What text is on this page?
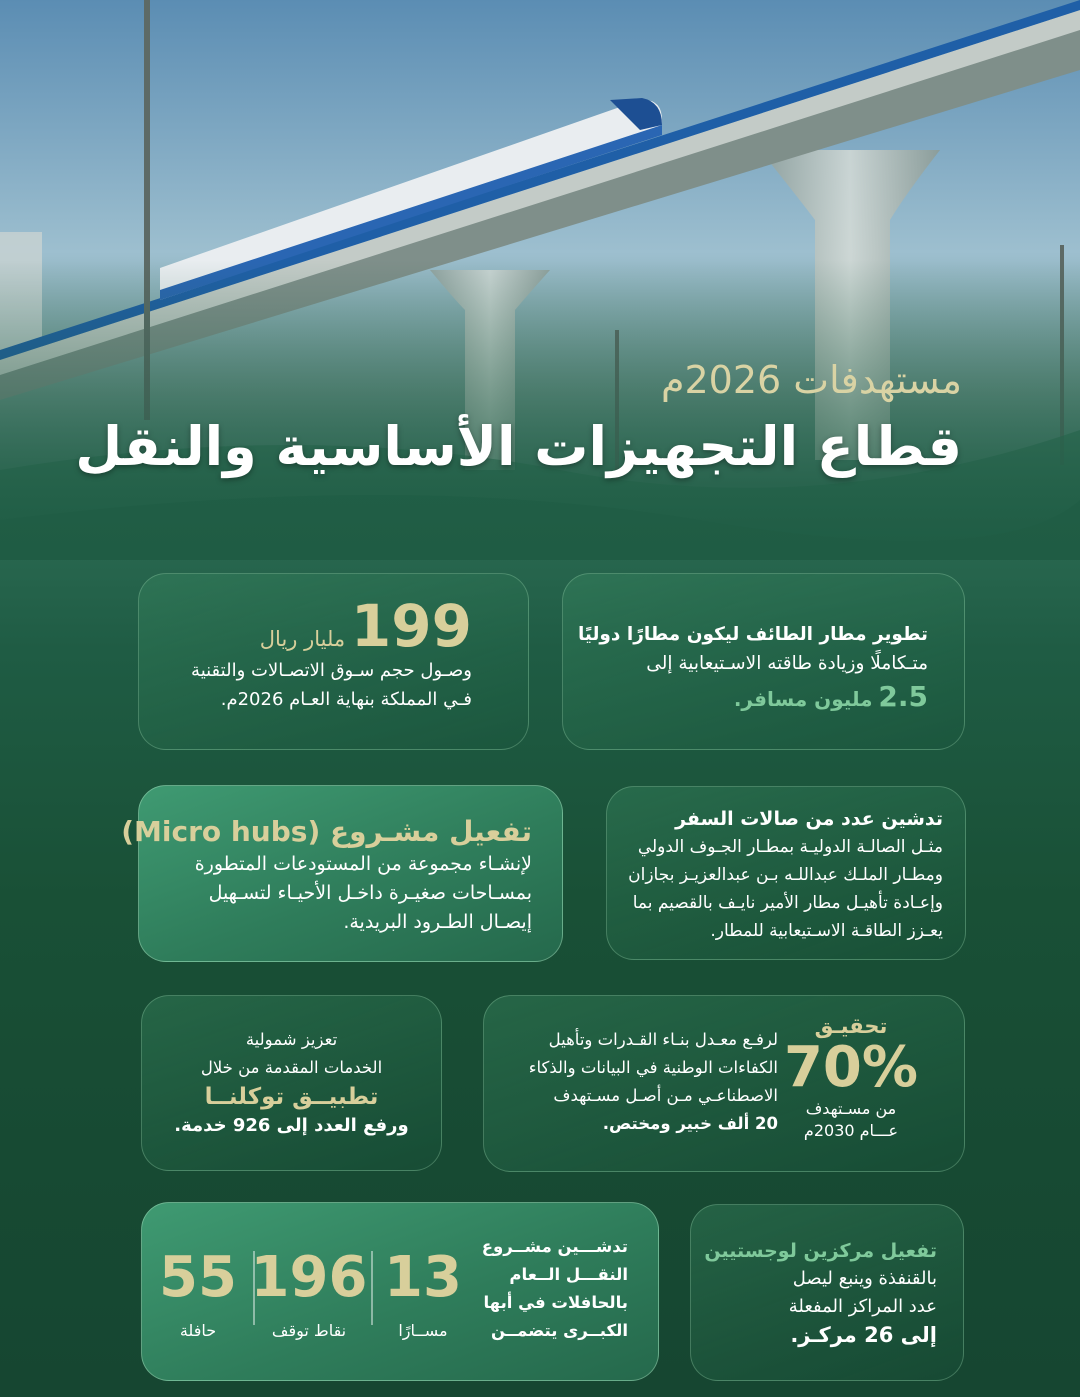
مستهدفات 2026م
قطاع التجهيزات الأساسية والنقل
تطوير مطار الطائف ليكون مطارًا دوليًا
متـكاملًا وزيادة طاقته الاسـتيعابية إلى
2.5 مليون مسافر.
199 مليار ريال
وصـول حجم سـوق الاتصـالات والتقنية
فـي المملكة بنهاية العـام 2026م.
تدشين عدد من صالات السفر
مثـل الصالـة الدوليـة بمطـار الجـوف الدولي
ومطـار الملـك عبداللـه بـن عبدالعزيـز بجازان
وإعـادة تأهيـل مطار الأمير نايـف بالقصيم بما
يعـزز الطاقـة الاسـتيعابية للمطار.
تفعيل مشـروع (Micro hubs)
لإنشـاء مجموعة من المستودعات المتطورة
بمسـاحات صغيـرة داخـل الأحيـاء لتسـهيل
إيصـال الطـرود البريدية.
تحقيـق
70%
من مسـتهدف
عـــام 2030م
لرفـع معـدل بنـاء القـدرات وتأهيل
الكفاءات الوطنية في البيانات والذكاء
الاصطناعـي مـن أصـل مسـتهدف
20 ألف خبير ومختص.
تعزيز شمولية
الخدمات المقدمة من خلال
تطبيــق توكلنــا
ورفع العدد إلى 926 خدمة.
تفعيل مركزين لوجستيين
بالقنفذة وينبع ليصل
عدد المراكز المفعلة
إلى 26 مركـز.
تدشـــين مشــروع
النقـــل الــعام
بالحافلات في أبها
الكبــرى يتضمــن
13
مســارًا
196
نقاط توقف
55
حافلة
